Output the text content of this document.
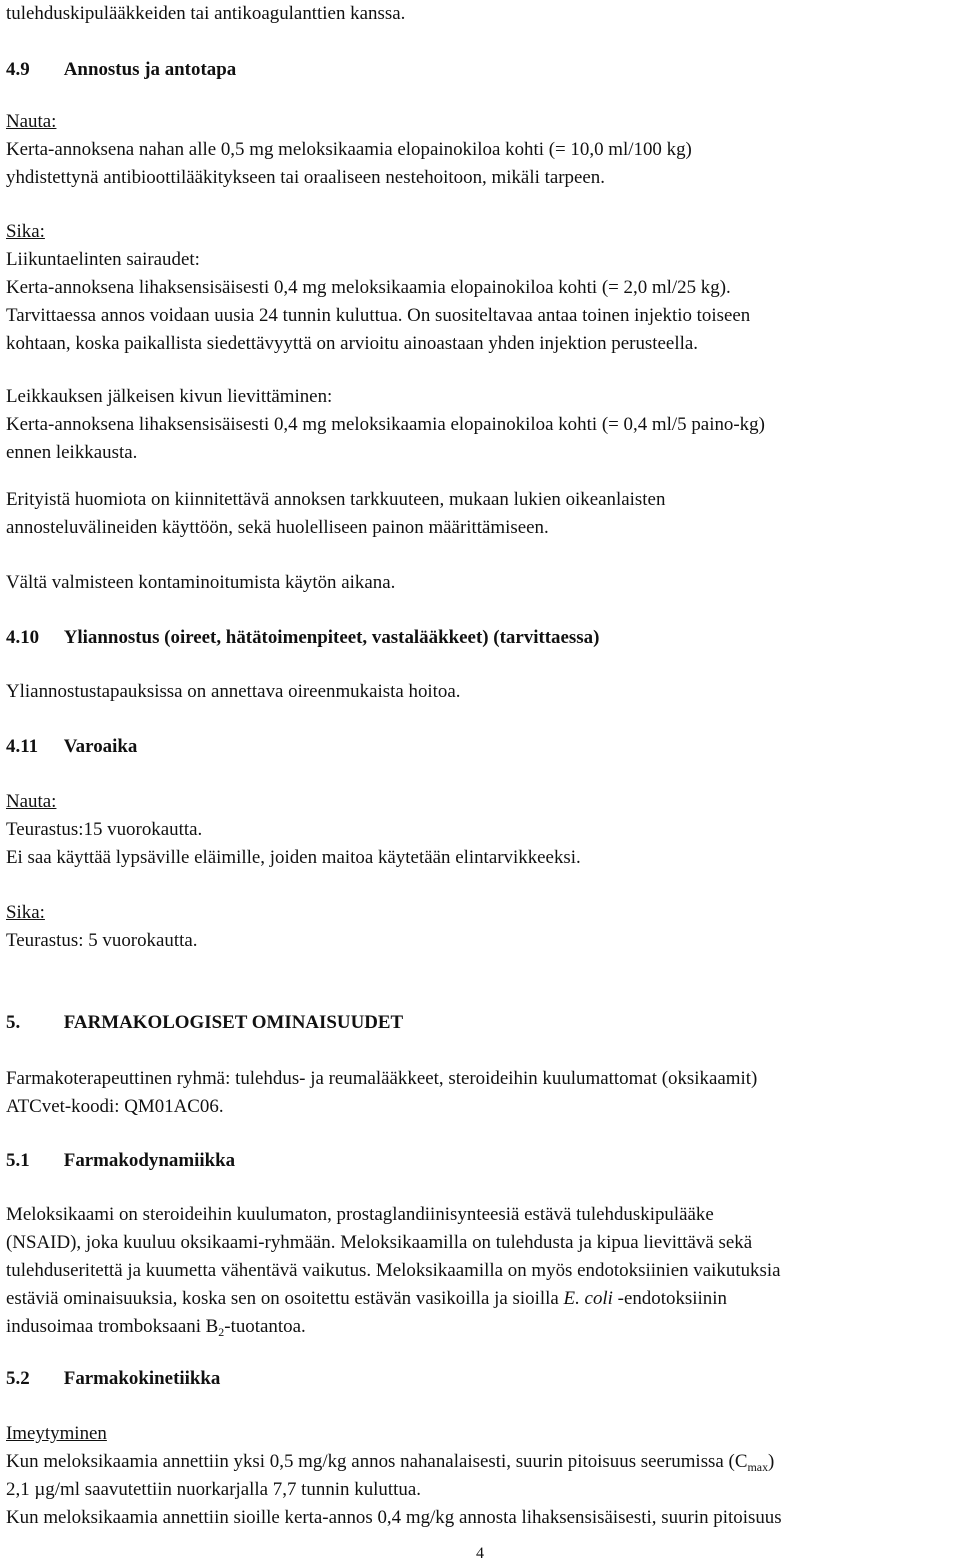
tulehduskipulääkkeiden tai antikoagulanttien kanssa.
4.9 Annostus ja antotapa
Nauta:
Kerta-annoksena nahan alle 0,5 mg meloksikaamia elopainokiloa kohti (= 10,0 ml/100 kg)
yhdistettynä antibioottilääkitykseen tai oraaliseen nestehoitoon, mikäli tarpeen.
Sika:
Liikuntaelinten sairaudet:
Kerta-annoksena lihaksensisäisesti 0,4 mg meloksikaamia elopainokiloa kohti (= 2,0 ml/25 kg).
Tarvittaessa annos voidaan uusia 24 tunnin kuluttua. On suositeltavaa antaa toinen injektio toiseen
kohtaan, koska paikallista siedettävyyttä on arvioitu ainoastaan yhden injektion perusteella.
Leikkauksen jälkeisen kivun lievittäminen:
Kerta-annoksena lihaksensisäisesti 0,4 mg meloksikaamia elopainokiloa kohti (= 0,4 ml/5 paino-kg)
ennen leikkausta.
Erityistä huomiota on kiinnitettävä annoksen tarkkuuteen, mukaan lukien oikeanlaisten
annosteluvälineiden käyttöön, sekä huolelliseen painon määrittämiseen.
Vältä valmisteen kontaminoitumista käytön aikana.
4.10 Yliannostus (oireet, hätätoimenpiteet, vastalääkkeet) (tarvittaessa)
Yliannostustapauksissa on annettava oireenmukaista hoitoa.
4.11 Varoaika
Nauta:
Teurastus:15 vuorokautta.
Ei saa käyttää lypsäville eläimille, joiden maitoa käytetään elintarvikkeeksi.
Sika:
Teurastus: 5 vuorokautta.
5. FARMAKOLOGISET OMINAISUUDET
Farmakoterapeuttinen ryhmä: tulehdus- ja reumalääkkeet, steroideihin kuulumattomat (oksikaamit)
ATCvet-koodi: QM01AC06.
5.1 Farmakodynamiikka
Meloksikaami on steroideihin kuulumaton, prostaglandiinisynteesiä estävä tulehduskipulääke
(NSAID), joka kuuluu oksikaami-ryhmään. Meloksikaamilla on tulehdusta ja kipua lievittävä sekä
tulehduseritettä ja kuumetta vähentävä vaikutus. Meloksikaamilla on myös endotoksiinien vaikutuksia
estäviä ominaisuuksia, koska sen on osoitettu estävän vasikoilla ja sioilla E. coli -endotoksiinin
indusoimaa tromboksaani $B_2$-tuotantoa.
5.2 Farmakokinetiikka
Imeytyminen
Kun meloksikaamia annettiin yksi 0,5 mg/kg annos nahanalaisesti, suurin pitoisuus seerumissa $(C_{max})$
2,1 µg/ml saavutettiin nuorkarjalla 7,7 tunnin kuluttua.
Kun meloksikaamia annettiin sioille kerta-annos 0,4 mg/kg annosta lihaksensisäisesti, suurin pitoisuus
4
